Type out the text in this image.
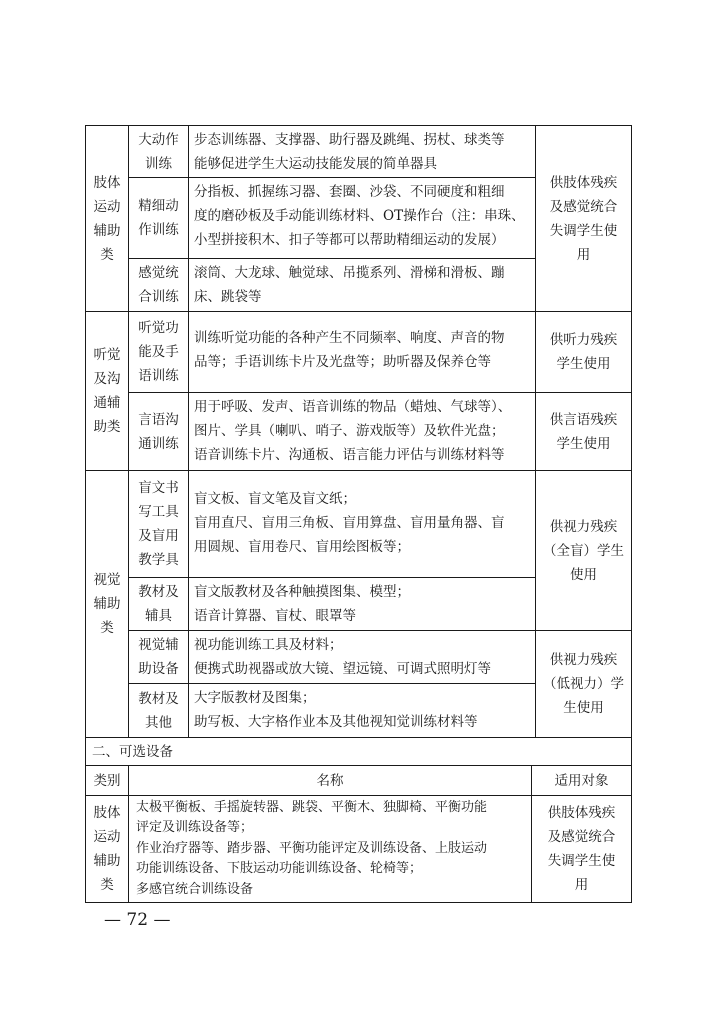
肢体
运动
辅助
类
大动作
训练
步态训练器、支撑器、助行器及跳绳、拐杖、球类等
能够促进学生大运动技能发展的简单器具
精细动
作训练
分指板、抓握练习器、套圈、沙袋、不同硬度和粗细
度的磨砂板及手动能训练材料、OT操作台（注：串珠、
小型拼接积木、扣子等都可以帮助精细运动的发展）
感觉统
合训练
滚筒、大龙球、触觉球、吊揽系列、滑梯和滑板、蹦
床、跳袋等
供肢体残疾
及感觉统合
失调学生使
用
听觉
及沟
通辅
助类
听觉功
能及手
语训练
训练听觉功能的各种产生不同频率、响度、声音的物
品等；手语训练卡片及光盘等；助听器及保养仓等
供听力残疾
学生使用
言语沟
通训练
用于呼吸、发声、语音训练的物品（蜡烛、气球等）、
图片、学具（喇叭、哨子、游戏版等）及软件光盘；
语音训练卡片、沟通板、语言能力评估与训练材料等
供言语残疾
学生使用
视觉
辅助
类
盲文书
写工具
及盲用
教学具
盲文板、盲文笔及盲文纸；
盲用直尺、盲用三角板、盲用算盘、盲用量角器、盲
用圆规、盲用卷尺、盲用绘图板等；
教材及
辅具
盲文版教材及各种触摸图集、模型；
语音计算器、盲杖、眼罩等
供视力残疾
（全盲）学生
使用
视觉辅
助设备
视功能训练工具及材料；
便携式助视器或放大镜、望远镜、可调式照明灯等
教材及
其他
大字版教材及图集；
助写板、大字格作业本及其他视知觉训练材料等
供视力残疾
（低视力）学
生使用
二、可选设备
类别	名称	适用对象
肢体
运动
辅助
类
太极平衡板、手摇旋转器、跳袋、平衡木、独脚椅、平衡功能
评定及训练设备等；
作业治疗器等、踏步器、平衡功能评定及训练设备、上肢运动
功能训练设备、下肢运动功能训练设备、轮椅等；
多感官统合训练设备
供肢体残疾
及感觉统合
失调学生使
用
— 72 —
